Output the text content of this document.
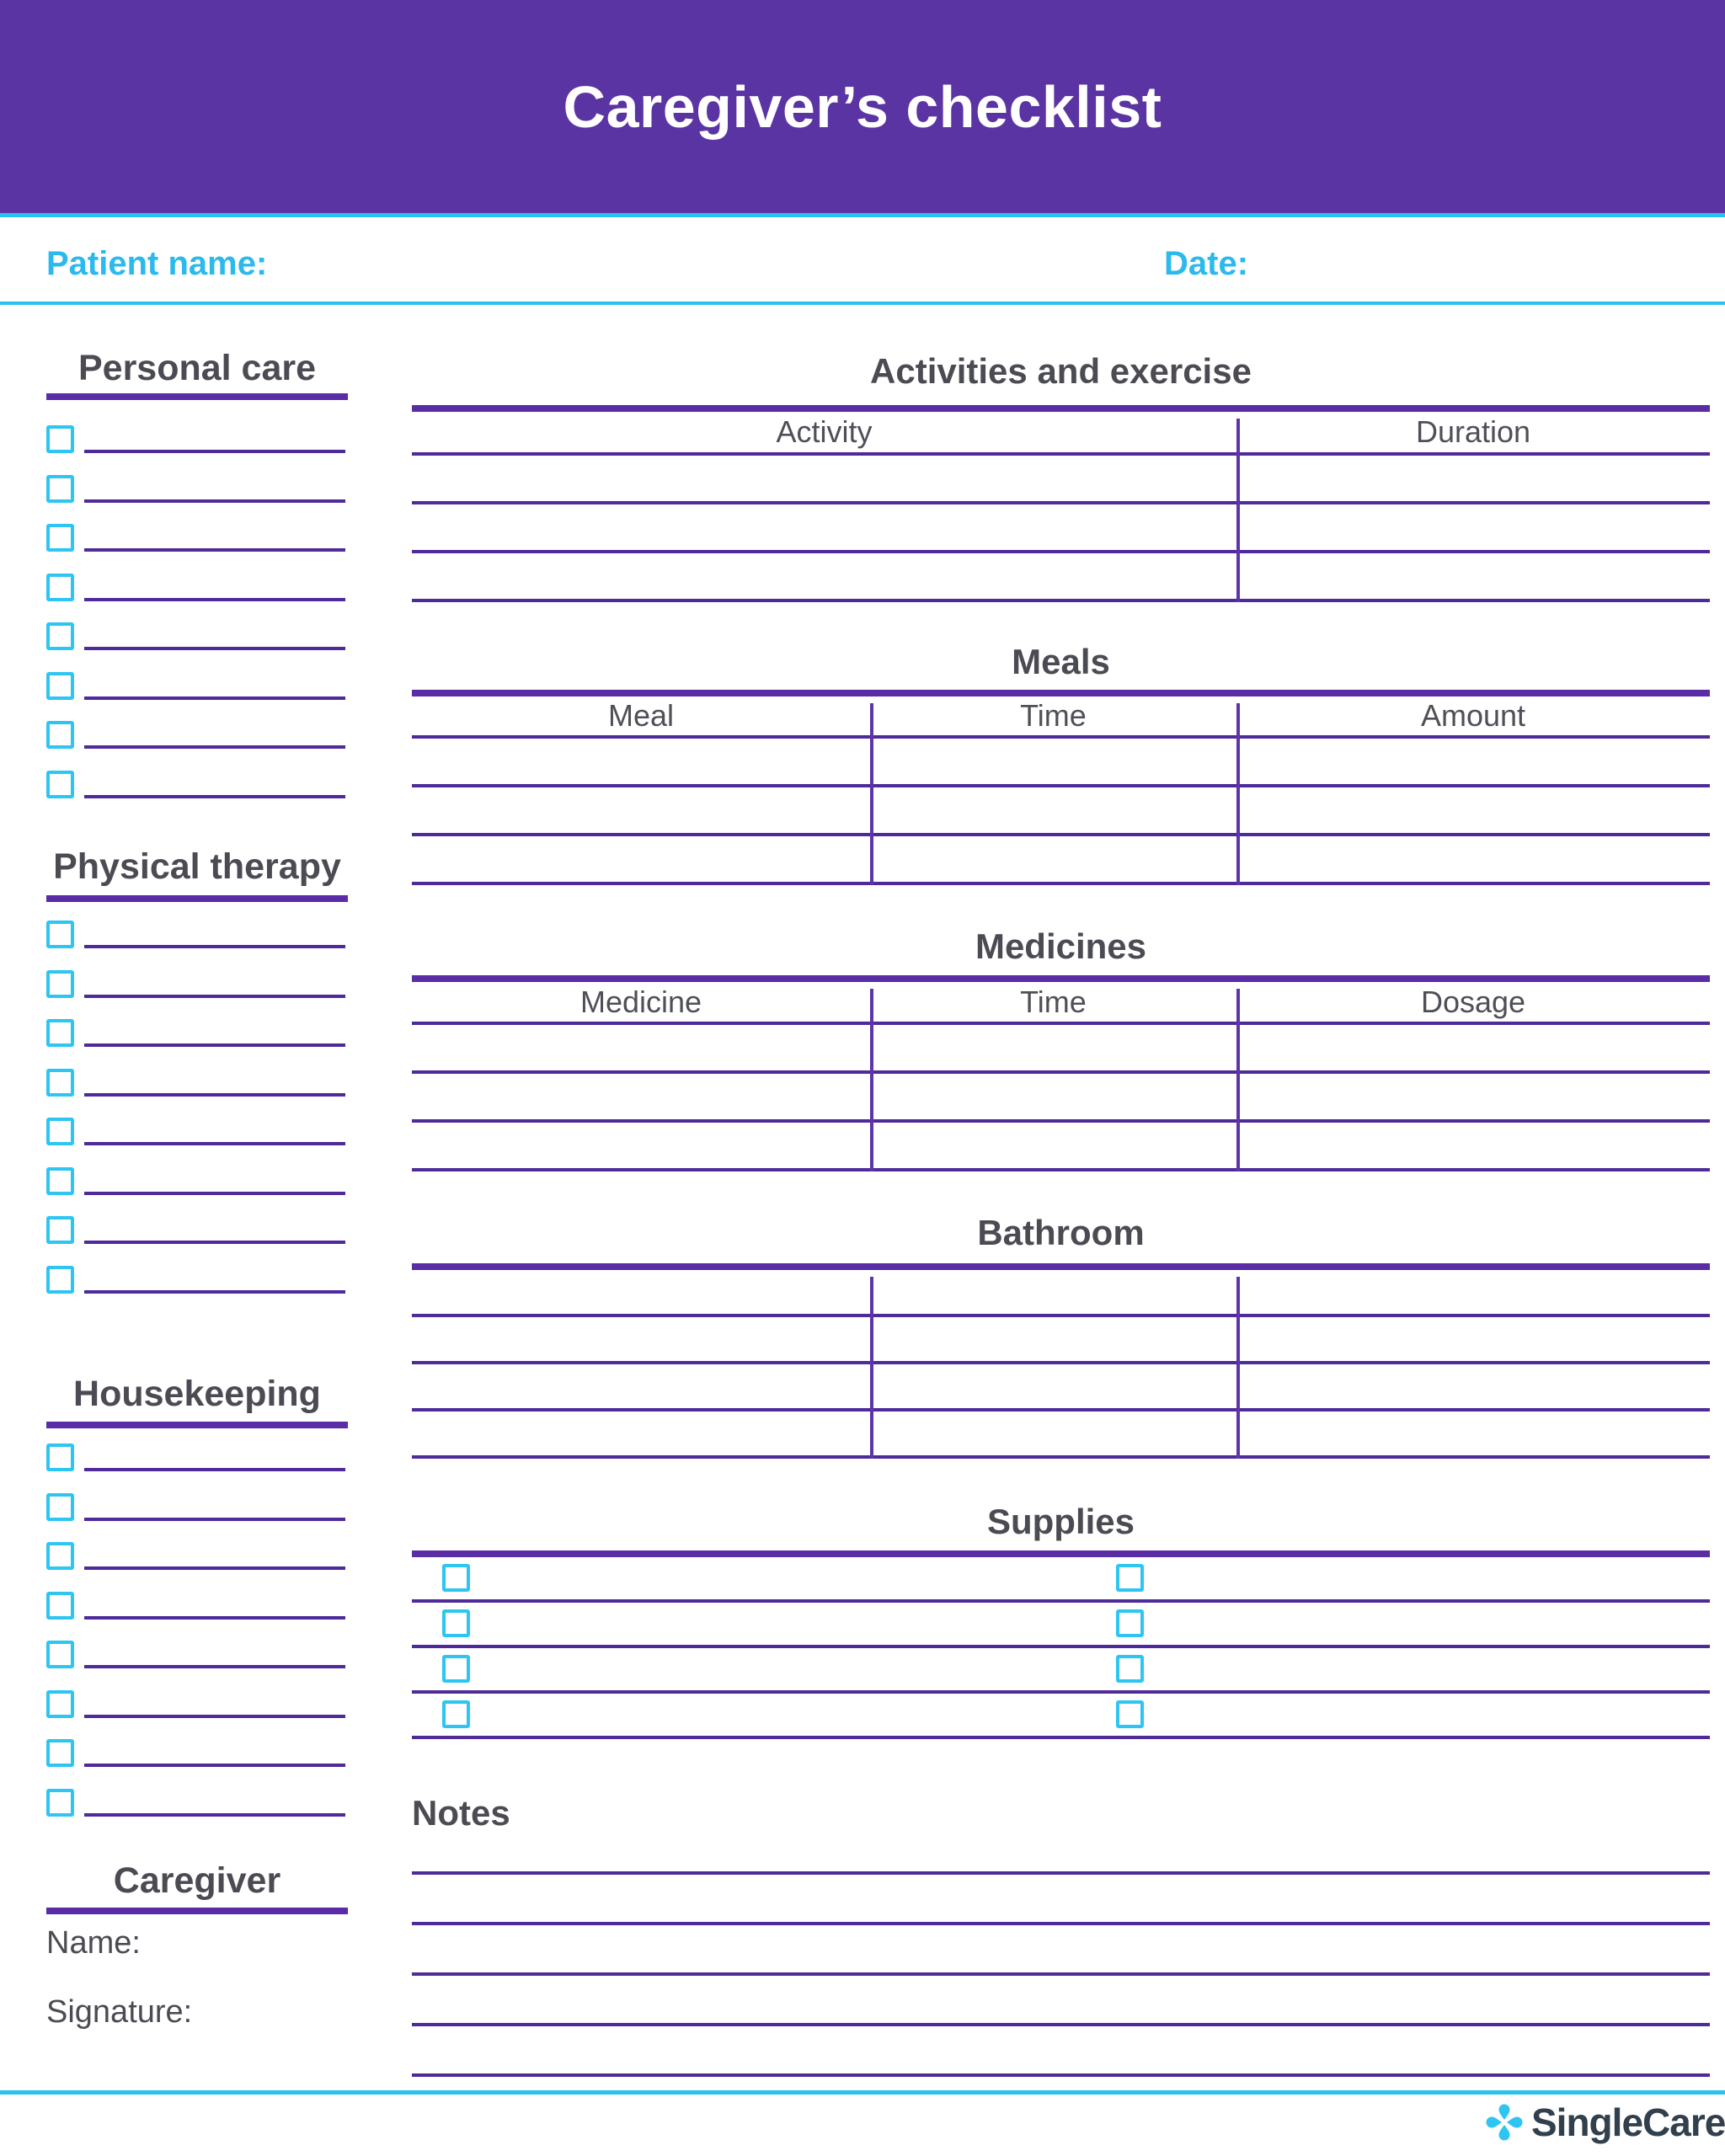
Caregiver’s checklist
Patient name:	Date:
Personal care
Physical therapy
Housekeeping
Caregiver
Name:
Signature:
Activities and exercise
Activity	Duration
Meals
Meal	Time	Amount
Medicines
Medicine	Time	Dosage
Bathroom
Supplies
Notes
SingleCare
